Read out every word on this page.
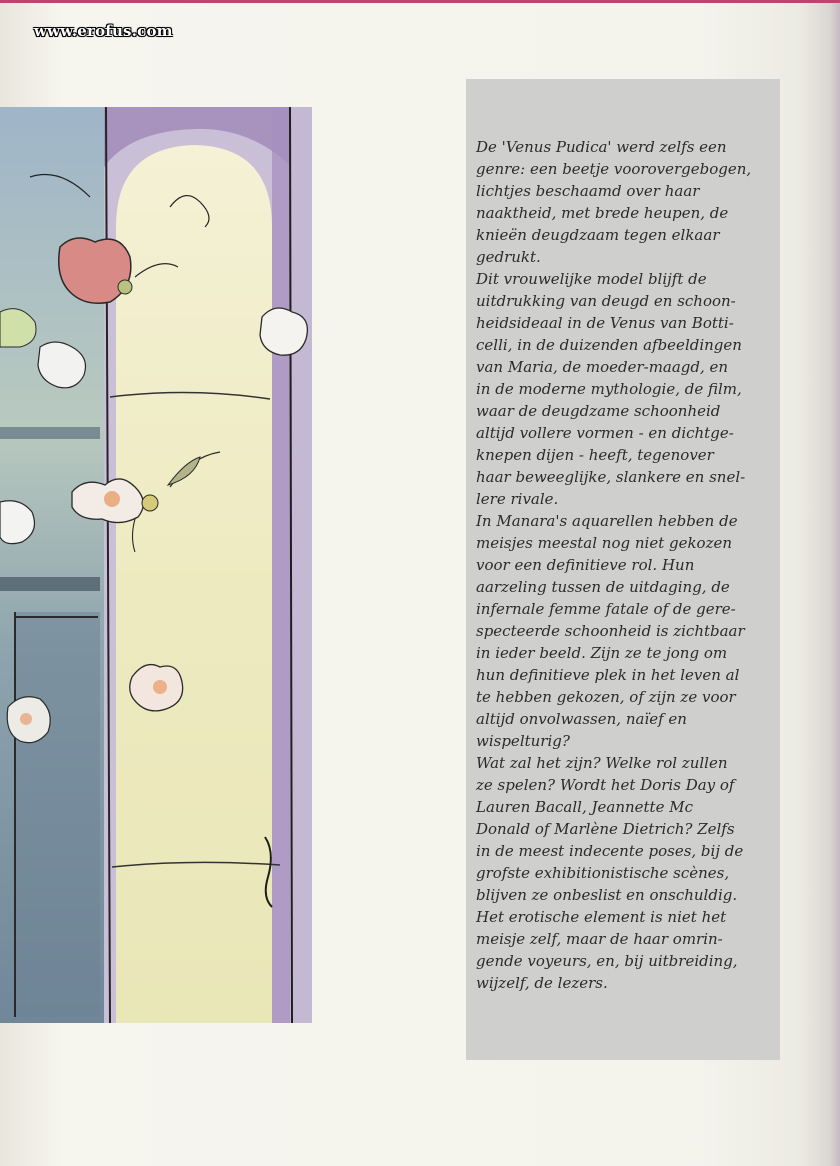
www.erofus.com

De 'Venus Pudica' werd zelfs een
genre: een beetje voorovergebogen,
lichtjes beschaamd over haar
naaktheid, met brede heupen, de
knieën deugdzaam tegen elkaar
gedrukt.

Dit vrouwelijke model blijft de
uitdrukking van deugd en schoon-
heidsideaal in de Venus van Botti-
celli, in de duizenden afbeeldingen
van Maria, de moeder-maagd, en
in de moderne mythologie, de film,
waar de deugdzame schoonheid
altijd vollere vormen - en dichtge-
knepen dijen - heeft, tegenover
haar beweeglijke, slankere en snel-
lere rivale.

In Manara's aquarellen hebben de
meisjes meestal nog niet gekozen
voor een definitieve rol. Hun
aarzeling tussen de uitdaging, de
infernale femme fatale of de gere-
specteerde schoonheid is zichtbaar
in ieder beeld. Zijn ze te jong om
hun definitieve plek in het leven al
te hebben gekozen, of zijn ze voor
altijd onvolwassen, naïef en
wispelturig?

Wat zal het zijn? Welke rol zullen
ze spelen? Wordt het Doris Day of
Lauren Bacall, Jeannette Mc
Donald of Marlène Dietrich? Zelfs
in de meest indecente poses, bij de
grofste exhibitionistische scènes,
blijven ze onbeslist en onschuldig.
Het erotische element is niet het
meisje zelf, maar de haar omrin-
gende voyeurs, en, bij uitbreiding,
wijzelf, de lezers.
